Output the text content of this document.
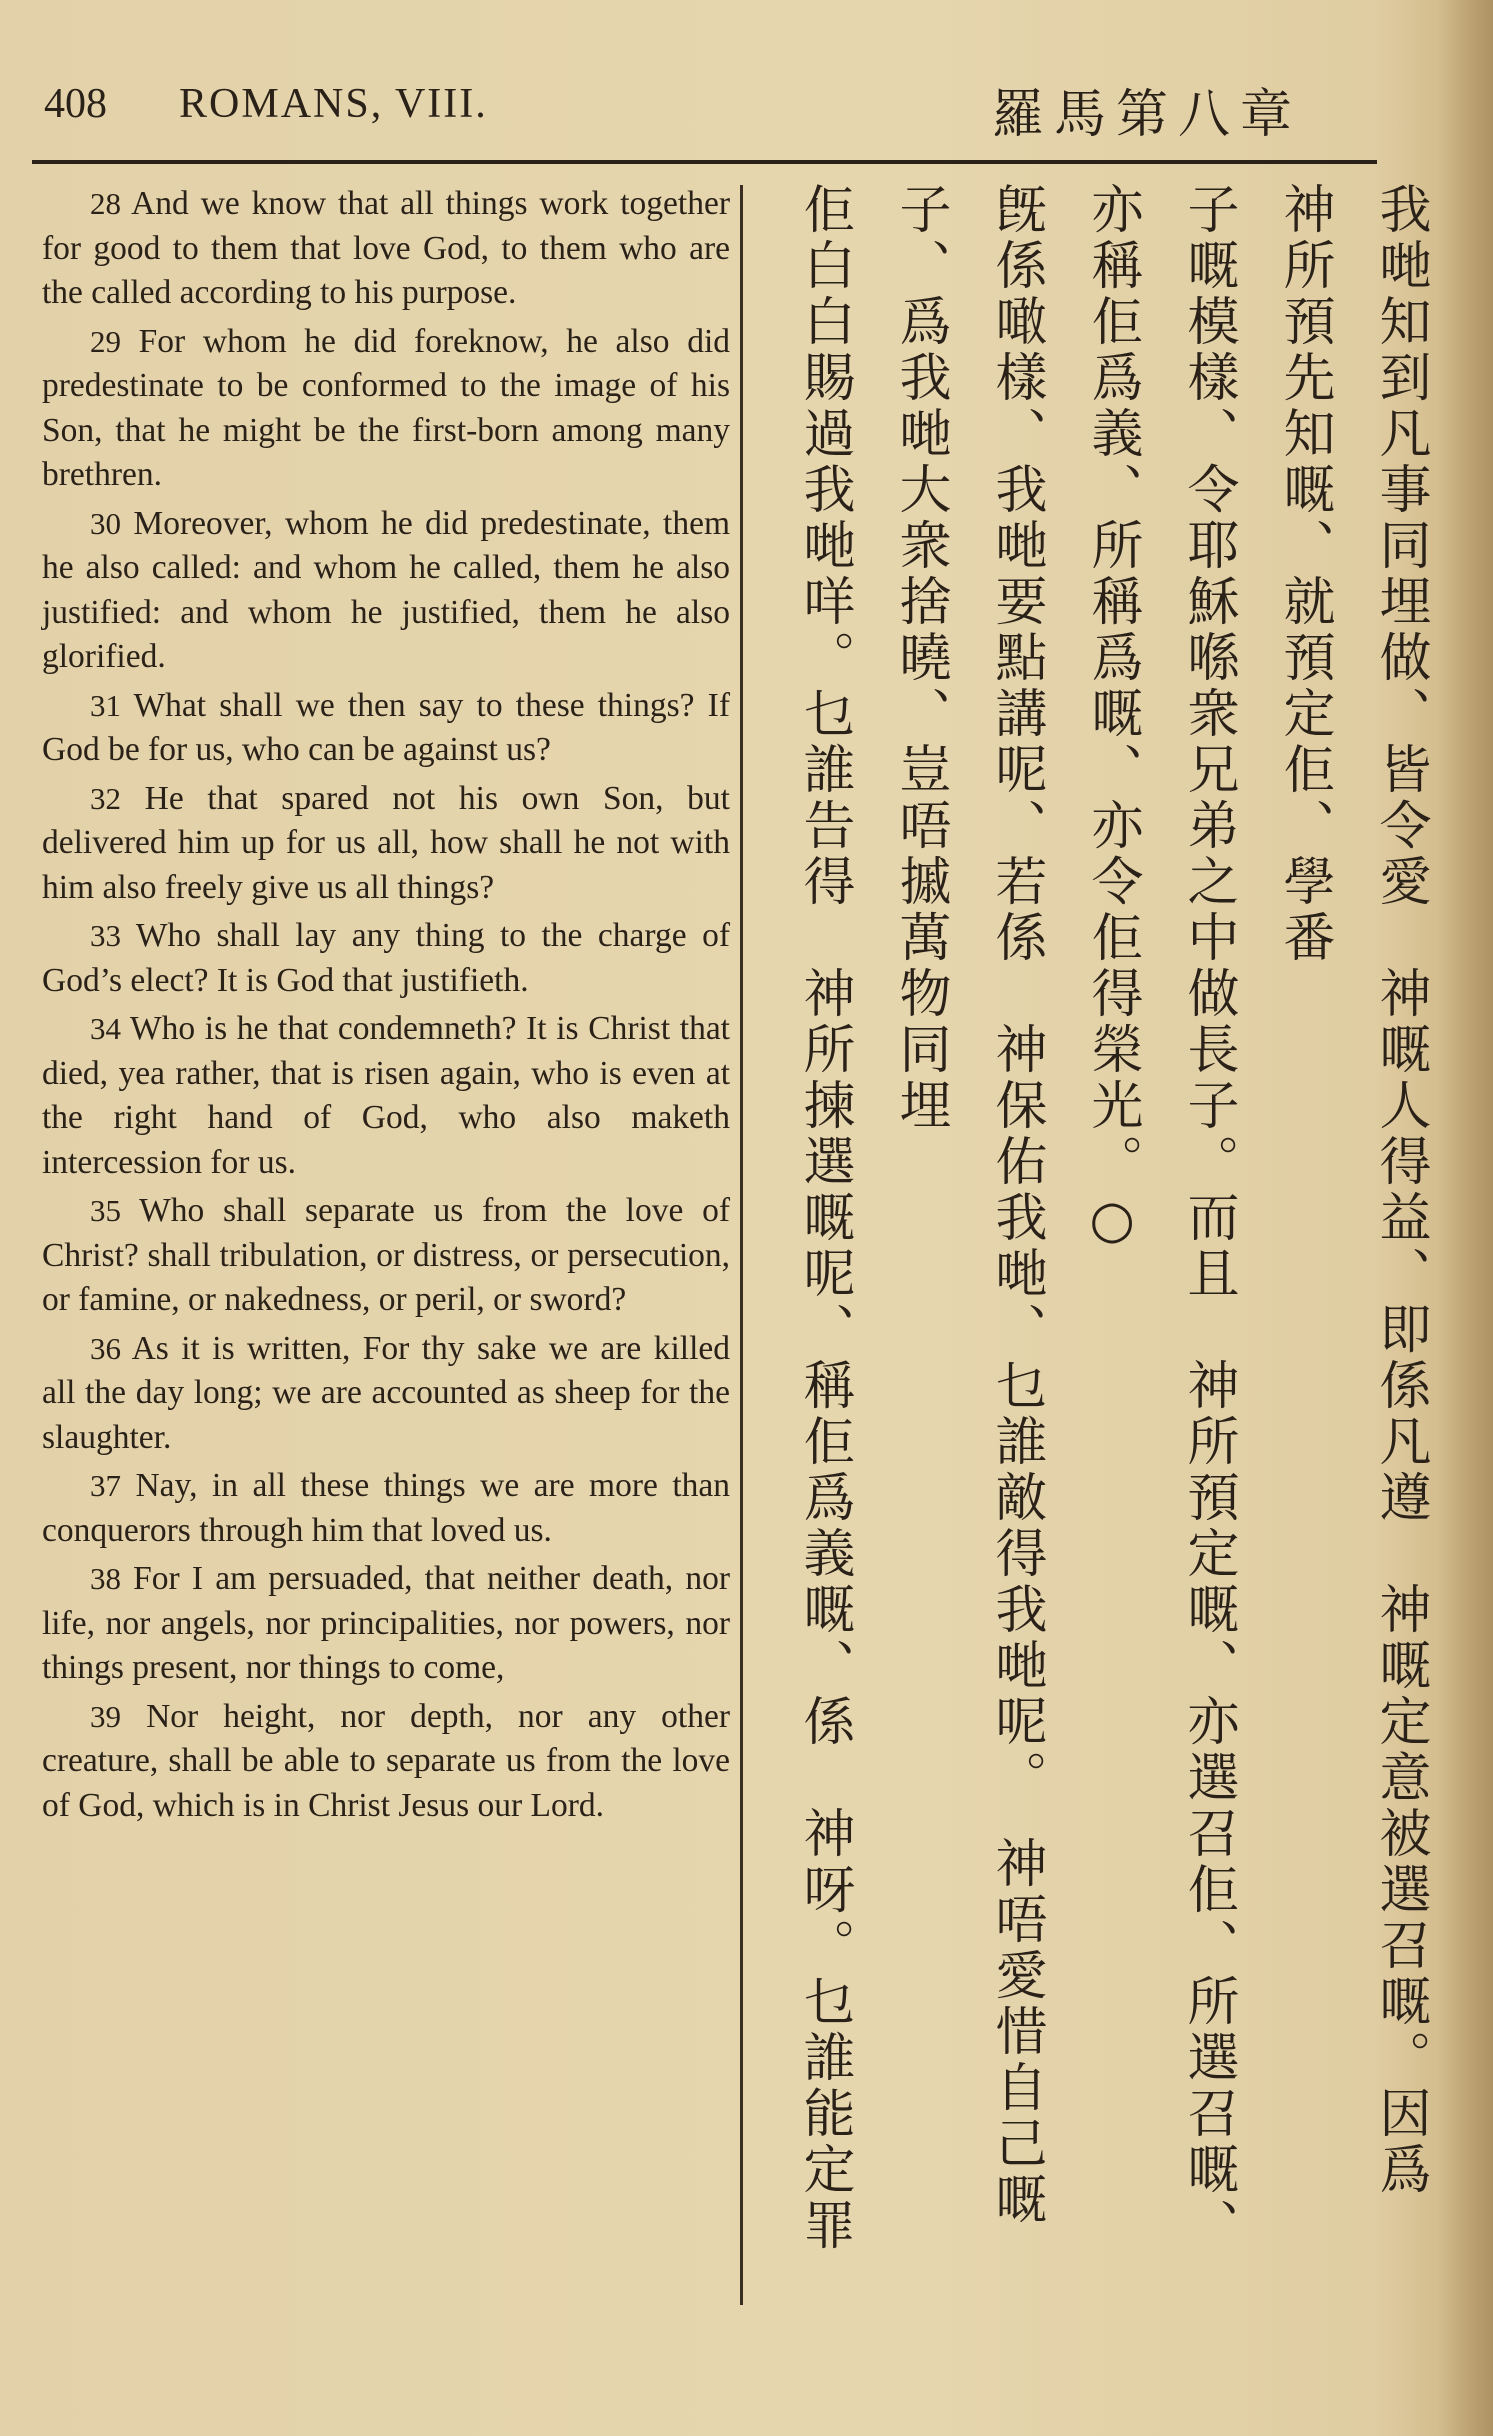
408 ROMANS, VIII.	羅馬第八章

28 And we know that all things work together for good to them that love God, to them who are the called according to his purpose.

29 For whom he did foreknow, he also did predestinate to be conformed to the image of his Son, that he might be the first-born among many brethren.

30 Moreover, whom he did predestinate, them he also called: and whom he called, them he also justified: and whom he justified, them he also glorified.

31 What shall we then say to these things? If God be for us, who can be against us?

32 He that spared not his own Son, but delivered him up for us all, how shall he not with him also freely give us all things?

33 Who shall lay any thing to the charge of God’s elect? It is God that justifieth.

34 Who is he that condemneth? It is Christ that died, yea rather, that is risen again, who is even at the right hand of God, who also maketh intercession for us.

35 Who shall separate us from the love of Christ? shall tribulation, or distress, or persecution, or famine, or nakedness, or peril, or sword?

36 As it is written, For thy sake we are killed all the day long; we are accounted as sheep for the slaughter.

37 Nay, in all these things we are more than conquerors through him that loved us.

38 For I am persuaded, that neither death, nor life, nor angels, nor principalities, nor powers, nor things present, nor things to come,

39 Nor height, nor depth, nor any other creature, shall be able to separate us from the love of God, which is in Christ Jesus our Lord.	我哋知到凡事同埋做、皆令愛　神嘅人得益、即係凡遵　神嘅定意被選召嘅。因爲　神所預先知嘅、就預定佢、學番

子嘅模樣、令耶穌喺衆兄弟之中做長子。而且　神所預定嘅、亦選召佢、所選召嘅、亦稱佢爲義、所稱爲嘅、亦令佢得榮光。○

旣係噉樣、我哋要點講呢、若係　神保佑我哋、乜誰敵得我哋呢。　神唔愛惜自己嘅子、爲我哋大衆捨曉、豈唔摵萬物同埋

佢白白賜過我哋咩。乜誰告得　神所揀選嘅呢、稱佢爲義嘅、係　神呀。乜誰能定罪
